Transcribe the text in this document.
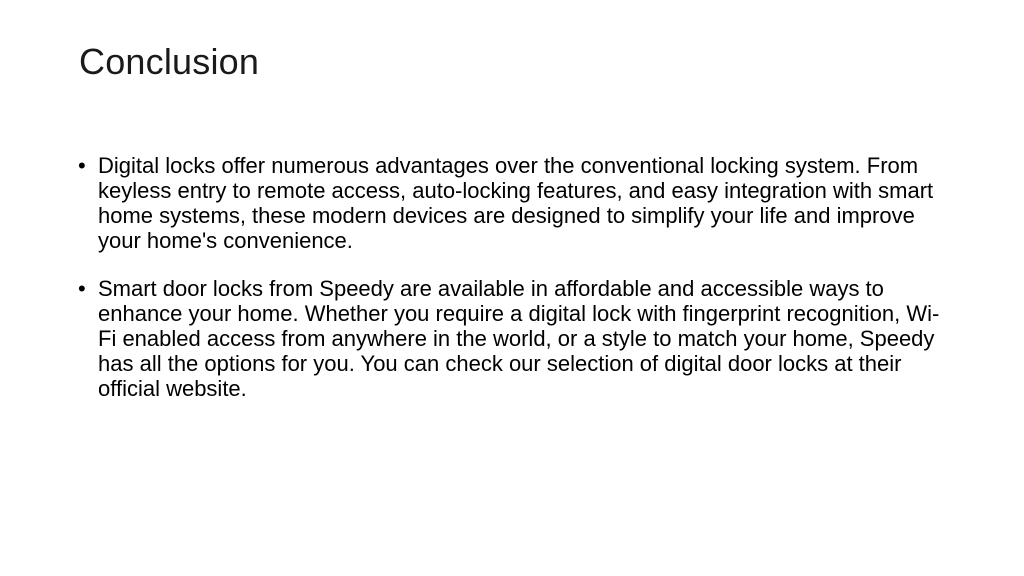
Conclusion
• Digital locks offer numerous advantages over the conventional locking system. From keyless entry to remote access, auto-locking features, and easy integration with smart home systems, these modern devices are designed to simplify your life and improve your home's convenience.
• Smart door locks from Speedy are available in affordable and accessible ways to enhance your home. Whether you require a digital lock with fingerprint recognition, Wi-Fi enabled access from anywhere in the world, or a style to match your home, Speedy has all the options for you. You can check our selection of digital door locks at their official website.
